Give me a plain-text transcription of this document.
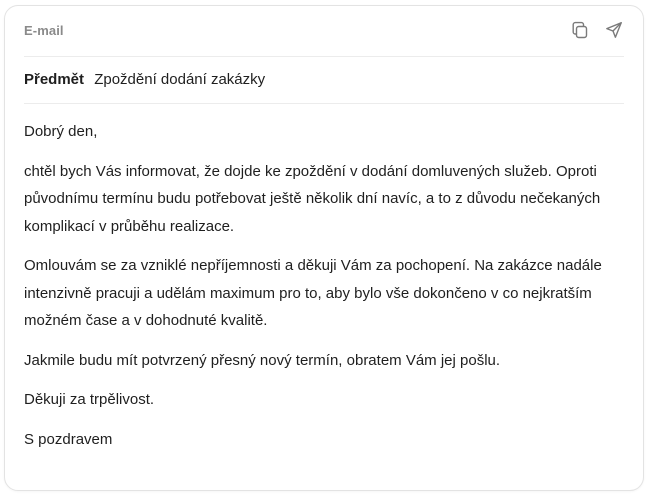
E-mail
Předmět Zpoždění dodání zakázky

Dobrý den,

chtěl bych Vás informovat, že dojde ke zpoždění v dodání domluvených služeb. Oproti původnímu termínu budu potřebovat ještě několik dní navíc, a to z důvodu nečekaných komplikací v průběhu realizace.

Omlouvám se za vzniklé nepříjemnosti a děkuji Vám za pochopení. Na zakázce nadále intenzivně pracuji a udělám maximum pro to, aby bylo vše dokončeno v co nejkratším možném čase a v dohodnuté kvalitě.

Jakmile budu mít potvrzený přesný nový termín, obratem Vám jej pošlu.

Děkuji za trpělivost.

S pozdravem
